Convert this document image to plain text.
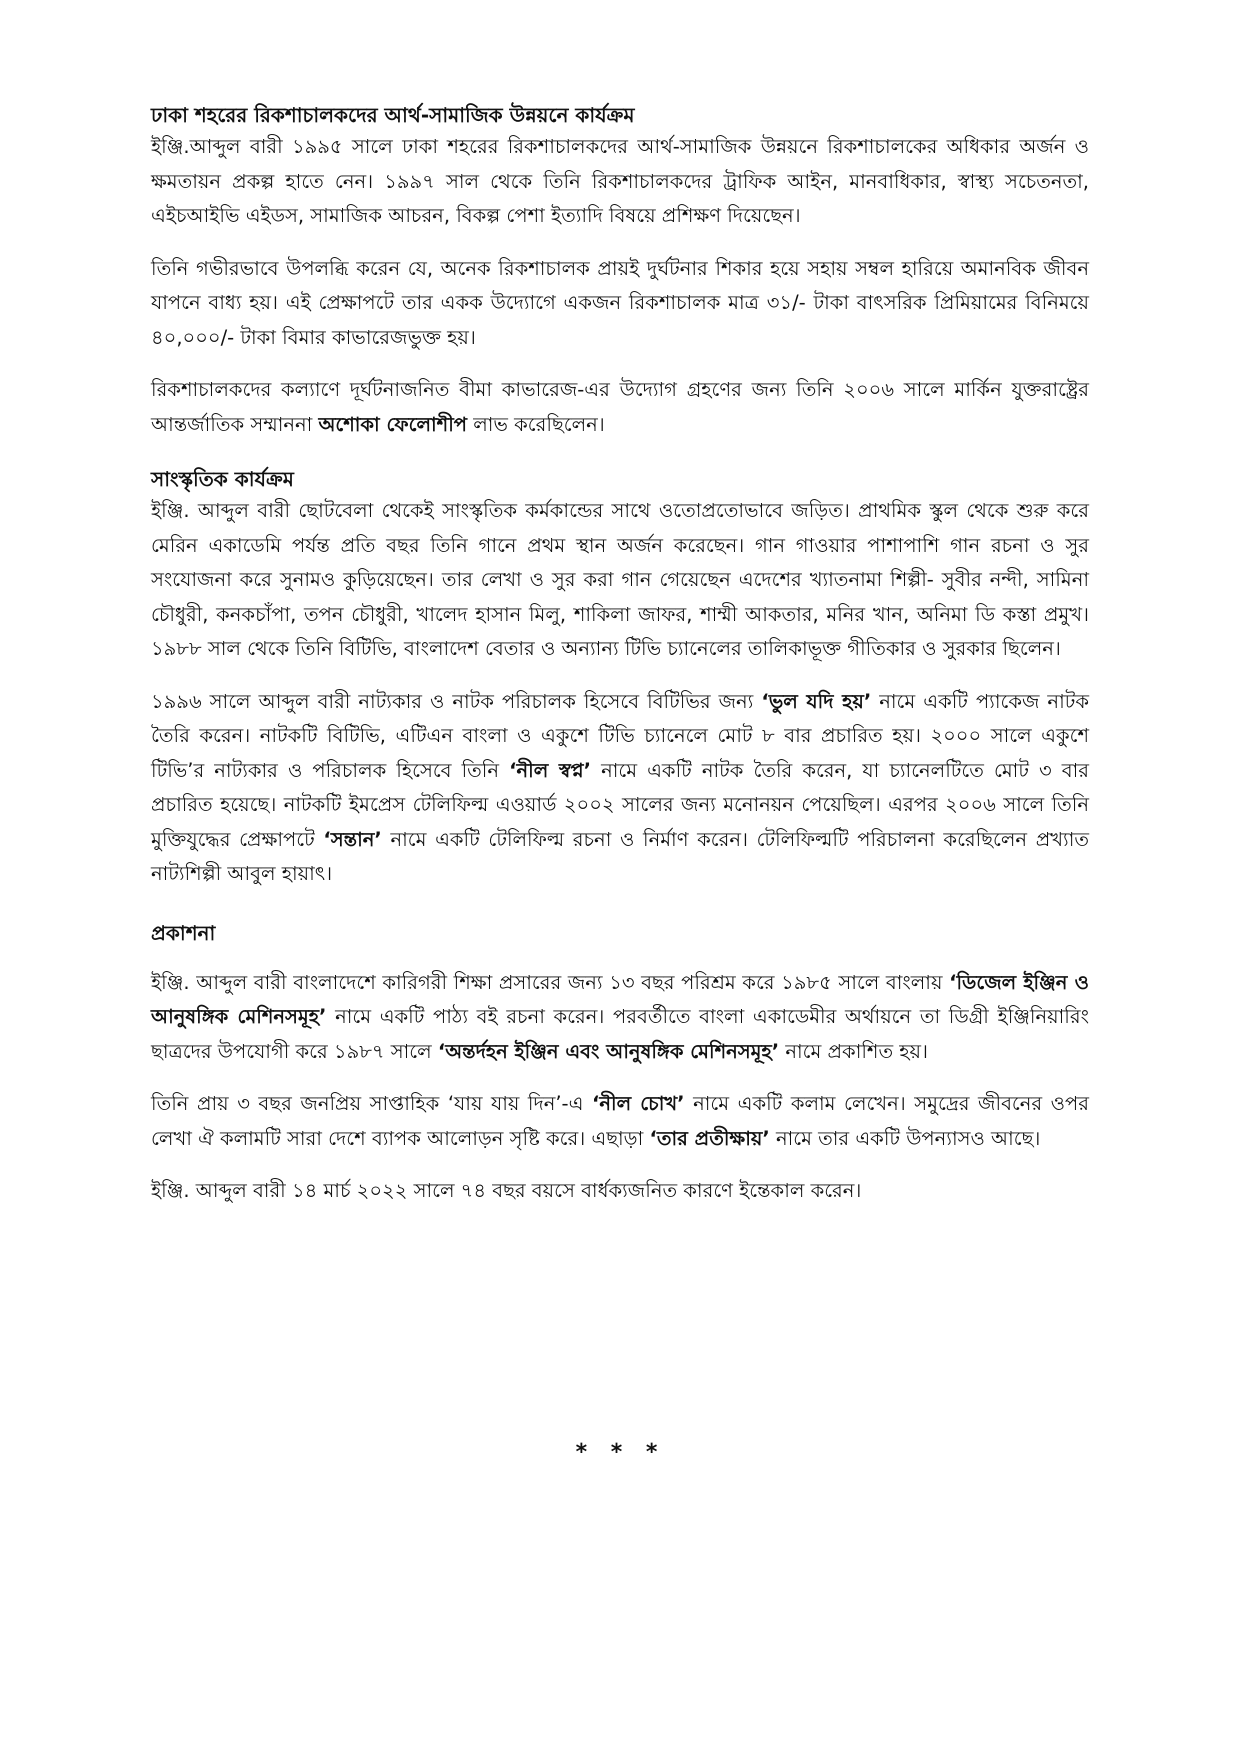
ঢাকা শহরের রিকশাচালকদের আর্থ-সামাজিক উন্নয়নে কার্যক্রম

ইঞ্জি.আব্দুল বারী ১৯৯৫ সালে ঢাকা শহরের রিকশাচালকদের আর্থ-সামাজিক উন্নয়নে রিকশাচালকের অধিকার অর্জন ও ক্ষমতায়ন প্রকল্প হাতে নেন। ১৯৯৭ সাল থেকে তিনি রিকশাচালকদের ট্রাফিক আইন, মানবাধিকার, স্বাস্থ্য সচেতনতা, এইচআইভি এইডস, সামাজিক আচরন, বিকল্প পেশা ইত্যাদি বিষয়ে প্রশিক্ষণ দিয়েছেন।

তিনি গভীরভাবে উপলব্ধি করেন যে, অনেক রিকশাচালক প্রায়ই দুর্ঘটনার শিকার হয়ে সহায় সম্বল হারিয়ে অমানবিক জীবন যাপনে বাধ্য হয়। এই প্রেক্ষাপটে তার একক উদ্যোগে একজন রিকশাচালক মাত্র ৩১/- টাকা বাৎসরিক প্রিমিয়ামের বিনিময়ে ৪০,০০০/- টাকা বিমার কাভারেজভুক্ত হয়।

রিকশাচালকদের কল্যাণে দূর্ঘটনাজনিত বীমা কাভারেজ-এর উদ্যোগ গ্রহণের জন্য তিনি ২০০৬ সালে মার্কিন যুক্তরাষ্ট্রের আন্তর্জাতিক সম্মাননা অশোকা ফেলোশীপ লাভ করেছিলেন।

সাংস্কৃতিক কার্যক্রম

ইঞ্জি. আব্দুল বারী ছোটবেলা থেকেই সাংস্কৃতিক কর্মকান্ডের সাথে ওতোপ্রতোভাবে জড়িত। প্রাথমিক স্কুল থেকে শুরু করে মেরিন একাডেমি পর্যন্ত প্রতি বছর তিনি গানে প্রথম স্থান অর্জন করেছেন। গান গাওয়ার পাশাপাশি গান রচনা ও সুর সংযোজনা করে সুনামও কুড়িয়েছেন। তার লেখা ও সুর করা গান গেয়েছেন এদেশের খ্যাতনামা শিল্পী- সুবীর নন্দী, সামিনা চৌধুরী, কনকচাঁপা, তপন চৌধুরী, খালেদ হাসান মিলু, শাকিলা জাফর, শাম্মী আকতার, মনির খান, অনিমা ডি কস্তা প্রমুখ। ১৯৮৮ সাল থেকে তিনি বিটিভি, বাংলাদেশ বেতার ও অন্যান্য টিভি চ্যানেলের তালিকাভূক্ত গীতিকার ও সুরকার ছিলেন।

১৯৯৬ সালে আব্দুল বারী নাট্যকার ও নাটক পরিচালক হিসেবে বিটিভির জন্য ‘ভুল যদি হয়’ নামে একটি প্যাকেজ নাটক তৈরি করেন। নাটকটি বিটিভি, এটিএন বাংলা ও একুশে টিভি চ্যানেলে মোট ৮ বার প্রচারিত হয়। ২০০০ সালে একুশে টিভি’র নাট্যকার ও পরিচালক হিসেবে তিনি ‘নীল স্বপ্ন’ নামে একটি নাটক তৈরি করেন, যা চ্যানেলটিতে মোট ৩ বার প্রচারিত হয়েছে। নাটকটি ইমপ্রেস টেলিফিল্ম এওয়ার্ড ২০০২ সালের জন্য মনোনয়ন পেয়েছিল। এরপর ২০০৬ সালে তিনি মুক্তিযুদ্ধের প্রেক্ষাপটে ‘সন্তান’ নামে একটি টেলিফিল্ম রচনা ও নির্মাণ করেন। টেলিফিল্মটি পরিচালনা করেছিলেন প্রখ্যাত নাট্যশিল্পী আবুল হায়াৎ।

প্রকাশনা

ইঞ্জি. আব্দুল বারী বাংলাদেশে কারিগরী শিক্ষা প্রসারের জন্য ১৩ বছর পরিশ্রম করে ১৯৮৫ সালে বাংলায় ‘ডিজেল ইঞ্জিন ও আনুষঙ্গিক মেশিনসমূহ’ নামে একটি পাঠ্য বই রচনা করেন। পরবর্তীতে বাংলা একাডেমীর অর্থায়নে তা ডিগ্রী ইঞ্জিনিয়ারিং ছাত্রদের উপযোগী করে ১৯৮৭ সালে ‘অন্তর্দহন ইঞ্জিন এবং আনুষঙ্গিক মেশিনসমূহ’ নামে প্রকাশিত হয়।

তিনি প্রায় ৩ বছর জনপ্রিয় সাপ্তাহিক ‘যায় যায় দিন’-এ ‘নীল চোখ’ নামে একটি কলাম লেখেন। সমুদ্রের জীবনের ওপর লেখা ঐ কলামটি সারা দেশে ব্যাপক আলোড়ন সৃষ্টি করে। এছাড়া ‘তার প্রতীক্ষায়’ নামে তার একটি উপন্যাসও আছে।

ইঞ্জি. আব্দুল বারী ১৪ মার্চ ২০২২ সালে ৭৪ বছর বয়সে বার্ধক্যজনিত কারণে ইন্তেকাল করেন।

* * *
